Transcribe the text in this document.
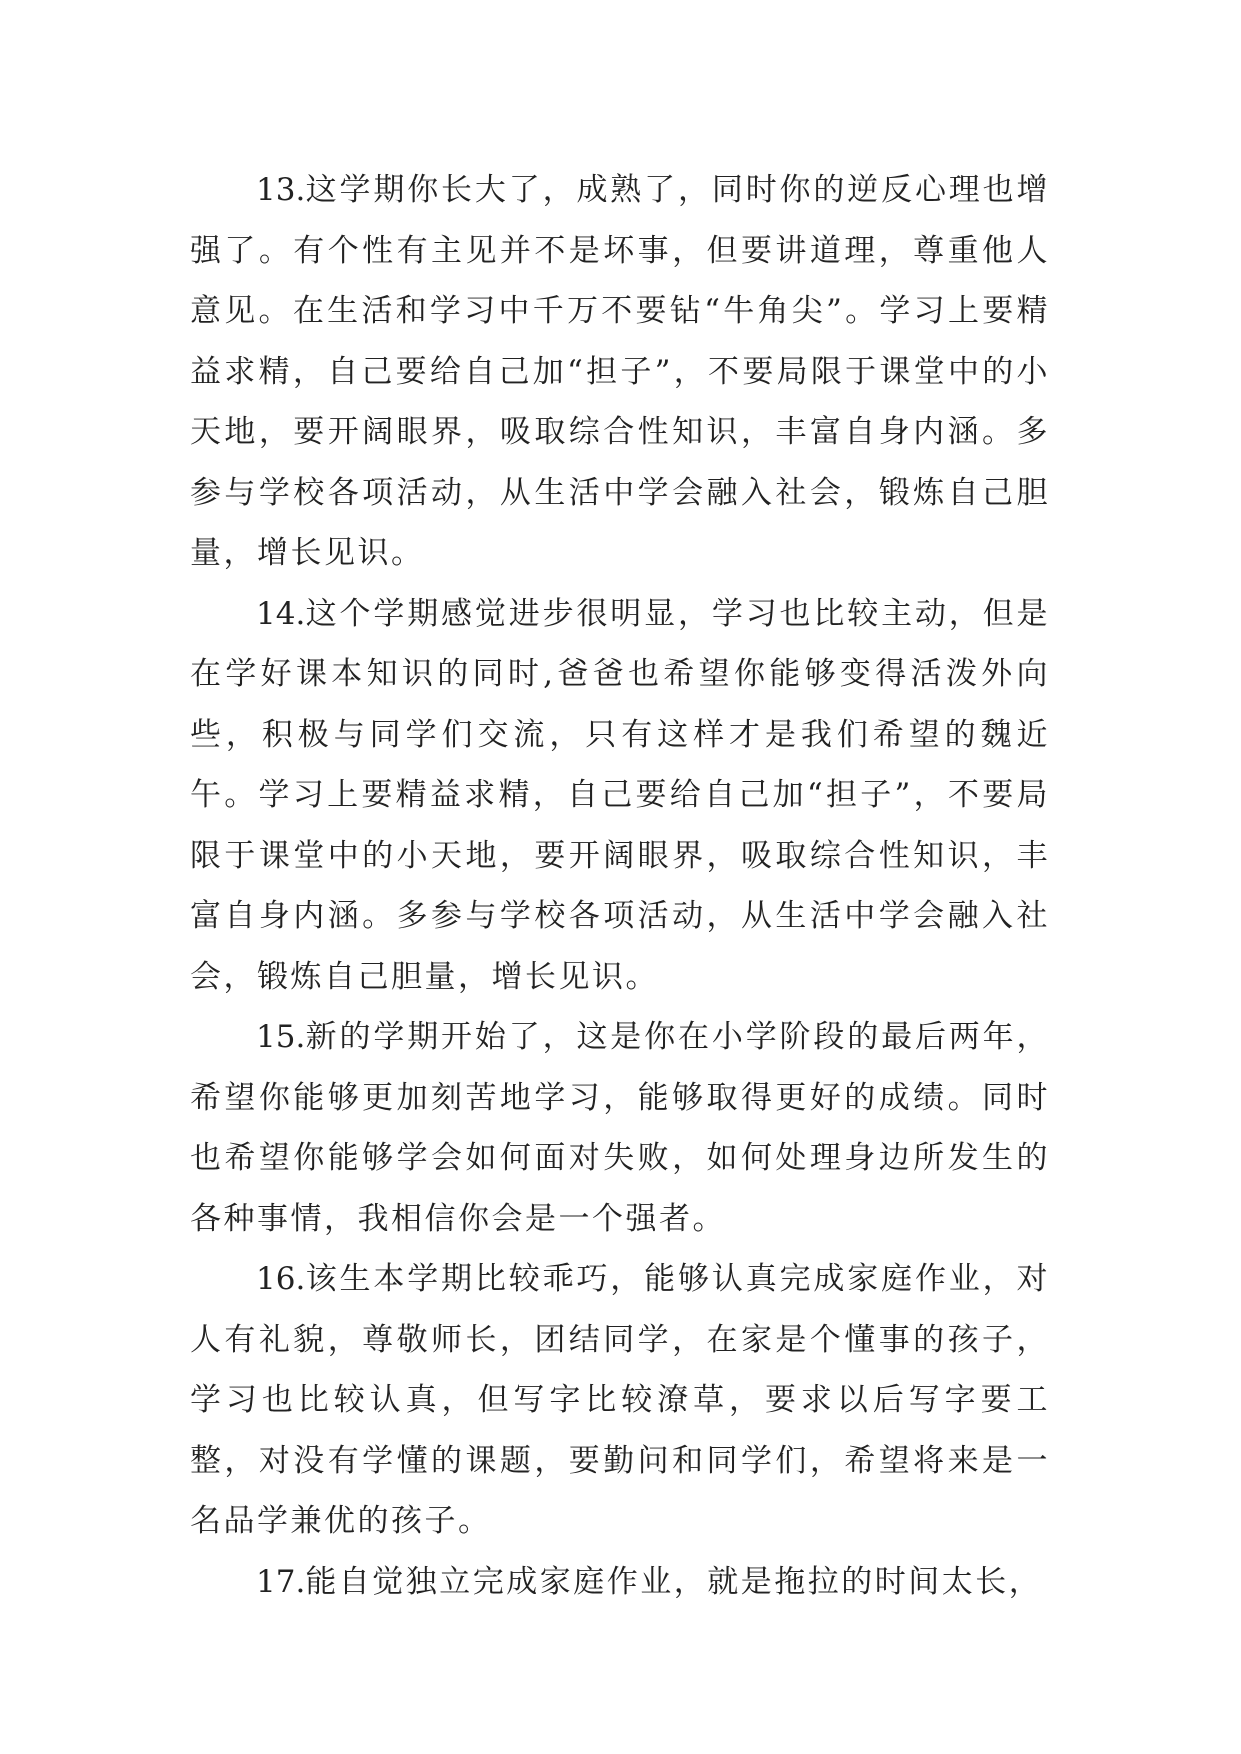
13.这学期你长大了，成熟了，同时你的逆反心理也增强了。有个性有主见并不是坏事，但要讲道理，尊重他人意见。在生活和学习中千万不要钻“牛角尖”。学习上要精益求精，自己要给自己加“担子”，不要局限于课堂中的小天地，要开阔眼界，吸取综合性知识，丰富自身内涵。多参与学校各项活动，从生活中学会融入社会，锻炼自己胆量，增长见识。

14.这个学期感觉进步很明显，学习也比较主动，但是在学好课本知识的同时,爸爸也希望你能够变得活泼外向些，积极与同学们交流，只有这样才是我们希望的魏近午。学习上要精益求精，自己要给自己加“担子”，不要局限于课堂中的小天地，要开阔眼界，吸取综合性知识，丰富自身内涵。多参与学校各项活动，从生活中学会融入社会，锻炼自己胆量，增长见识。

15.新的学期开始了，这是你在小学阶段的最后两年，希望你能够更加刻苦地学习，能够取得更好的成绩。同时也希望你能够学会如何面对失败，如何处理身边所发生的各种事情，我相信你会是一个强者。

16.该生本学期比较乖巧，能够认真完成家庭作业，对人有礼貌，尊敬师长，团结同学，在家是个懂事的孩子，学习也比较认真，但写字比较潦草，要求以后写字要工整，对没有学懂的课题，要勤问和同学们，希望将来是一名品学兼优的孩子。

17.能自觉独立完成家庭作业，就是拖拉的时间太长，
